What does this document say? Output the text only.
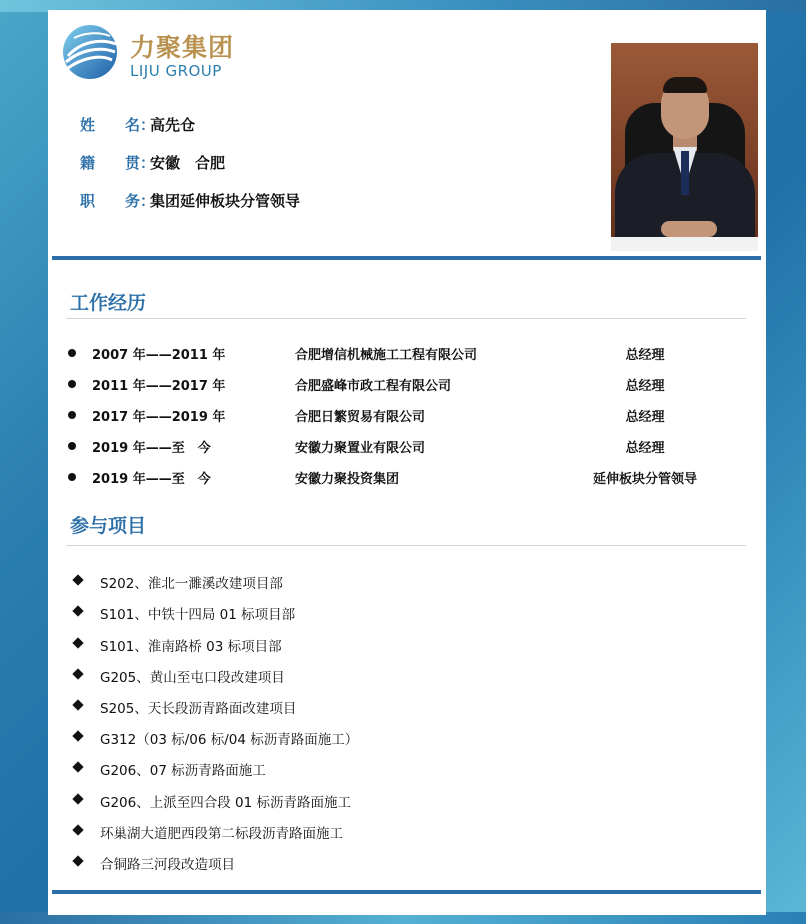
力聚集团
LIJU GROUP
姓　　名：高先仓
籍　　贯：安徽　合肥
职　　务：集团延伸板块分管领导
工作经历
2007 年——2011 年	合肥增信机械施工工程有限公司	总经理
2011 年——2017 年	合肥盛峰市政工程有限公司	总经理
2017 年——2019 年	合肥日繁贸易有限公司	总经理
2019 年——至　今	安徽力聚置业有限公司	总经理
2019 年——至　今	安徽力聚投资集团	延伸板块分管领导
参与项目
S202、淮北一濉溪改建项目部
S101、中铁十四局 01 标项目部
S101、淮南路桥 03 标项目部
G205、黄山至屯口段改建项目
S205、天长段沥青路面改建项目
G312（03 标/06 标/04 标沥青路面施工）
G206、07 标沥青路面施工
G206、上派至四合段 01 标沥青路面施工
环巢湖大道肥西段第二标段沥青路面施工
合铜路三河段改造项目
